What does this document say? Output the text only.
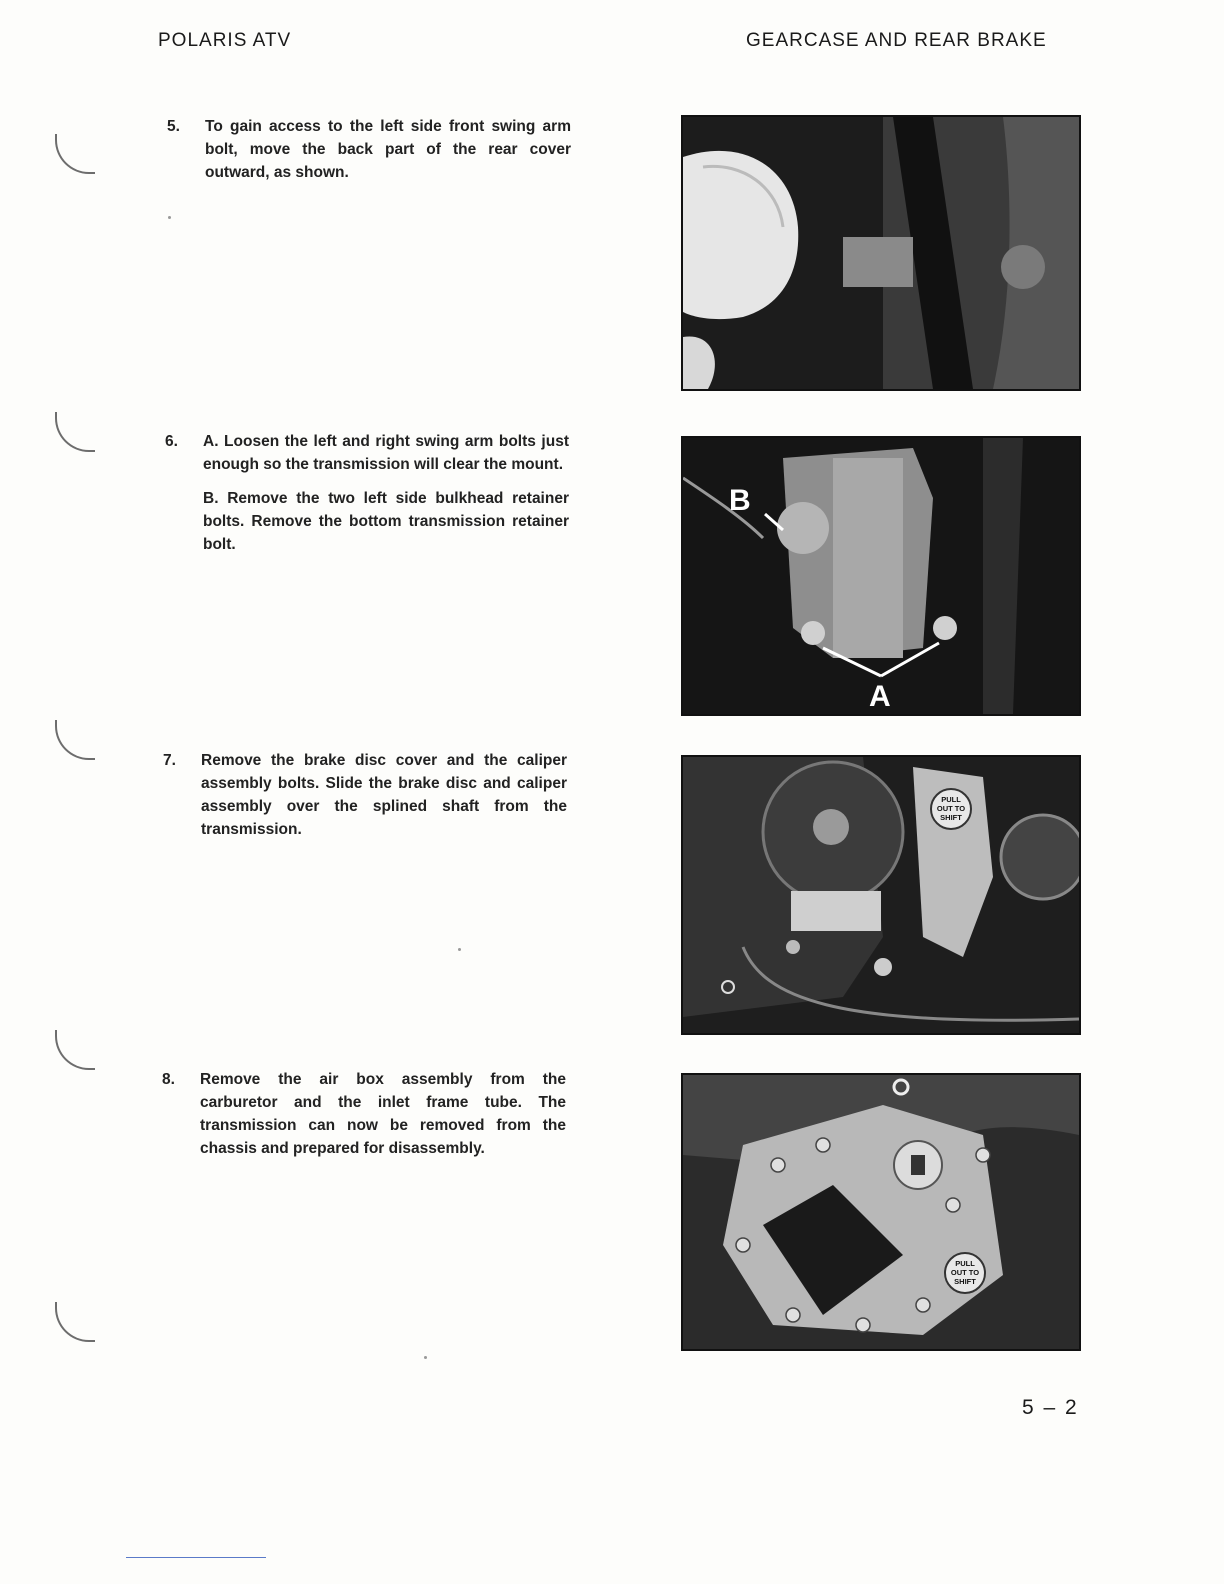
POLARIS ATV	GEARCASE AND REAR BRAKE
5. To gain access to the left side front swing arm bolt, move the back part of the rear cover outward, as shown.

6. A. Loosen the left and right swing arm bolts just enough so the transmission will clear the mount.

B. Remove the two left side bulkhead retainer bolts. Remove the bottom transmission retainer bolt.

7. Remove the brake disc cover and the caliper assembly bolts. Slide the brake disc and caliper assembly over the splined shaft from the transmission.

8. Remove the air box assembly from the carburetor and the inlet frame tube. The transmission can now be removed from the chassis and prepared for disassembly.

B
A
PULL
OUT TO
SHIFT
PULL
OUT TO
SHIFT
5 – 2
